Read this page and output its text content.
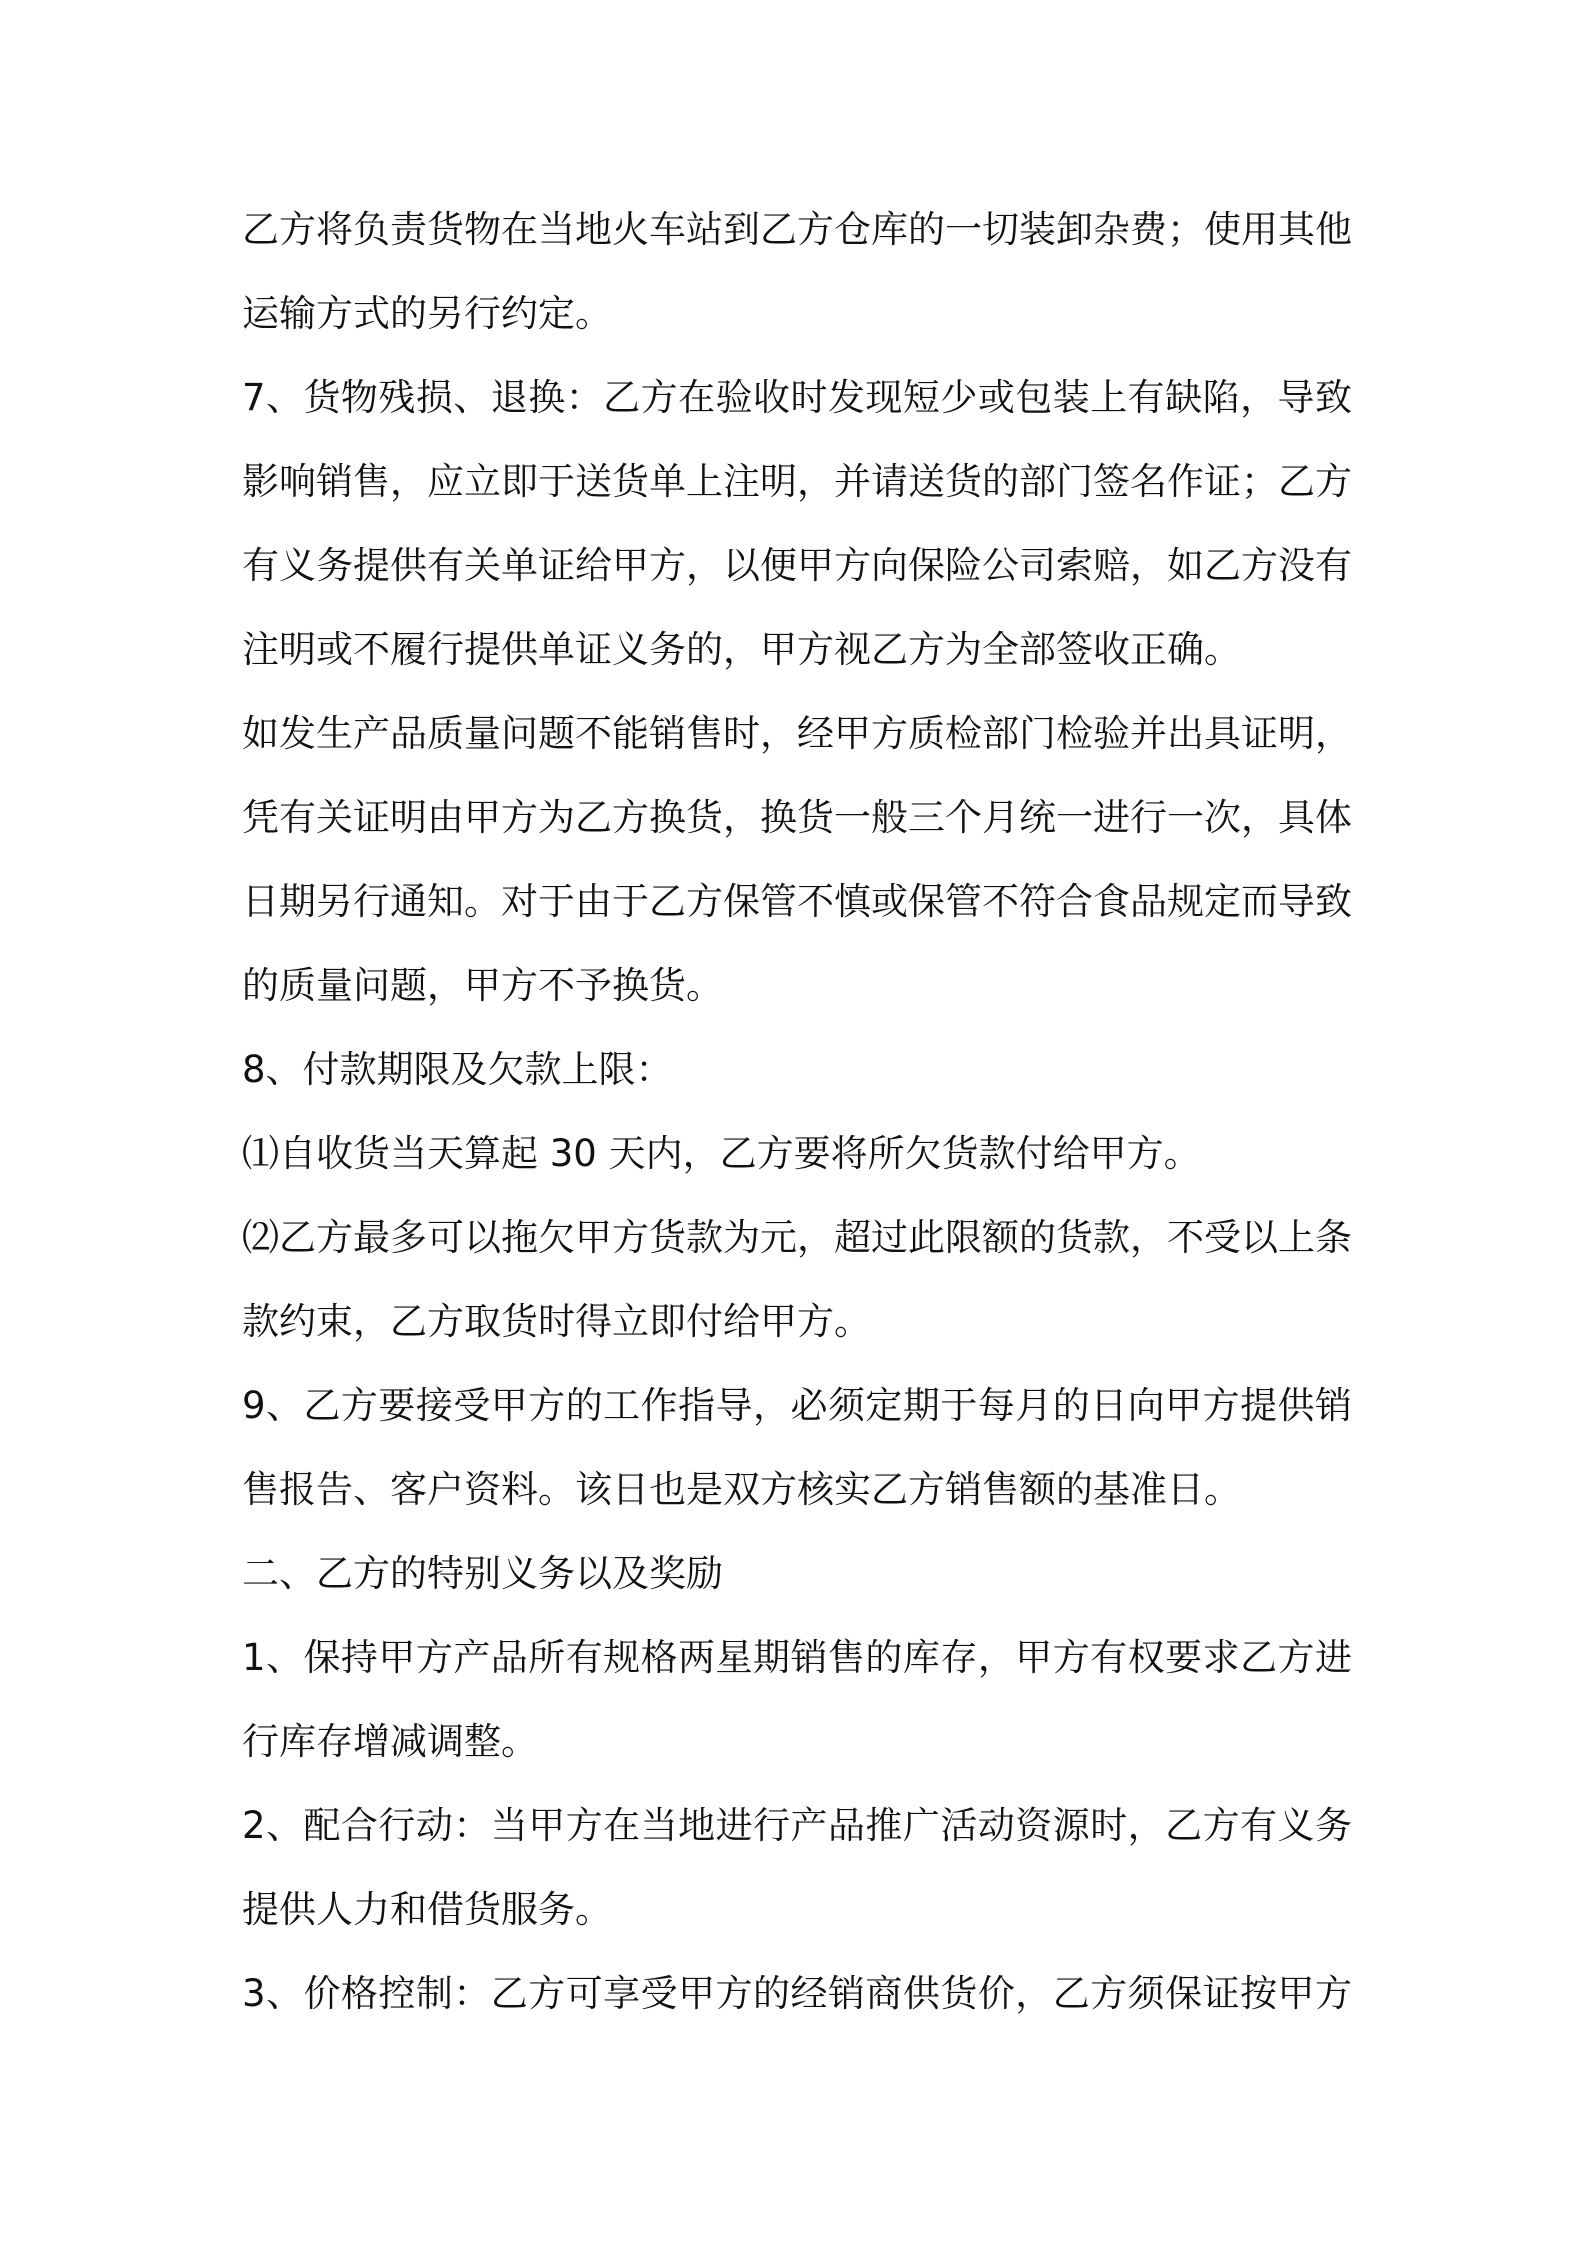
乙方将负责货物在当地火车站到乙方仓库的一切装卸杂费；使用其他
运输方式的另行约定。
7、货物残损、退换：乙方在验收时发现短少或包装上有缺陷，导致
影响销售，应立即于送货单上注明，并请送货的部门签名作证；乙方
有义务提供有关单证给甲方，以便甲方向保险公司索赔，如乙方没有
注明或不履行提供单证义务的，甲方视乙方为全部签收正确。
如发生产品质量问题不能销售时，经甲方质检部门检验并出具证明，
凭有关证明由甲方为乙方换货，换货一般三个月统一进行一次，具体
日期另行通知。对于由于乙方保管不慎或保管不符合食品规定而导致
的质量问题，甲方不予换货。
8、付款期限及欠款上限：
⑴自收货当天算起 30 天内，乙方要将所欠货款付给甲方。
⑵乙方最多可以拖欠甲方货款为元，超过此限额的货款，不受以上条
款约束，乙方取货时得立即付给甲方。
9、乙方要接受甲方的工作指导，必须定期于每月的日向甲方提供销
售报告、客户资料。该日也是双方核实乙方销售额的基准日。
二、乙方的特别义务以及奖励
1、保持甲方产品所有规格两星期销售的库存，甲方有权要求乙方进
行库存增减调整。
2、配合行动：当甲方在当地进行产品推广活动资源时，乙方有义务
提供人力和借货服务。
3、价格控制：乙方可享受甲方的经销商供货价，乙方须保证按甲方
